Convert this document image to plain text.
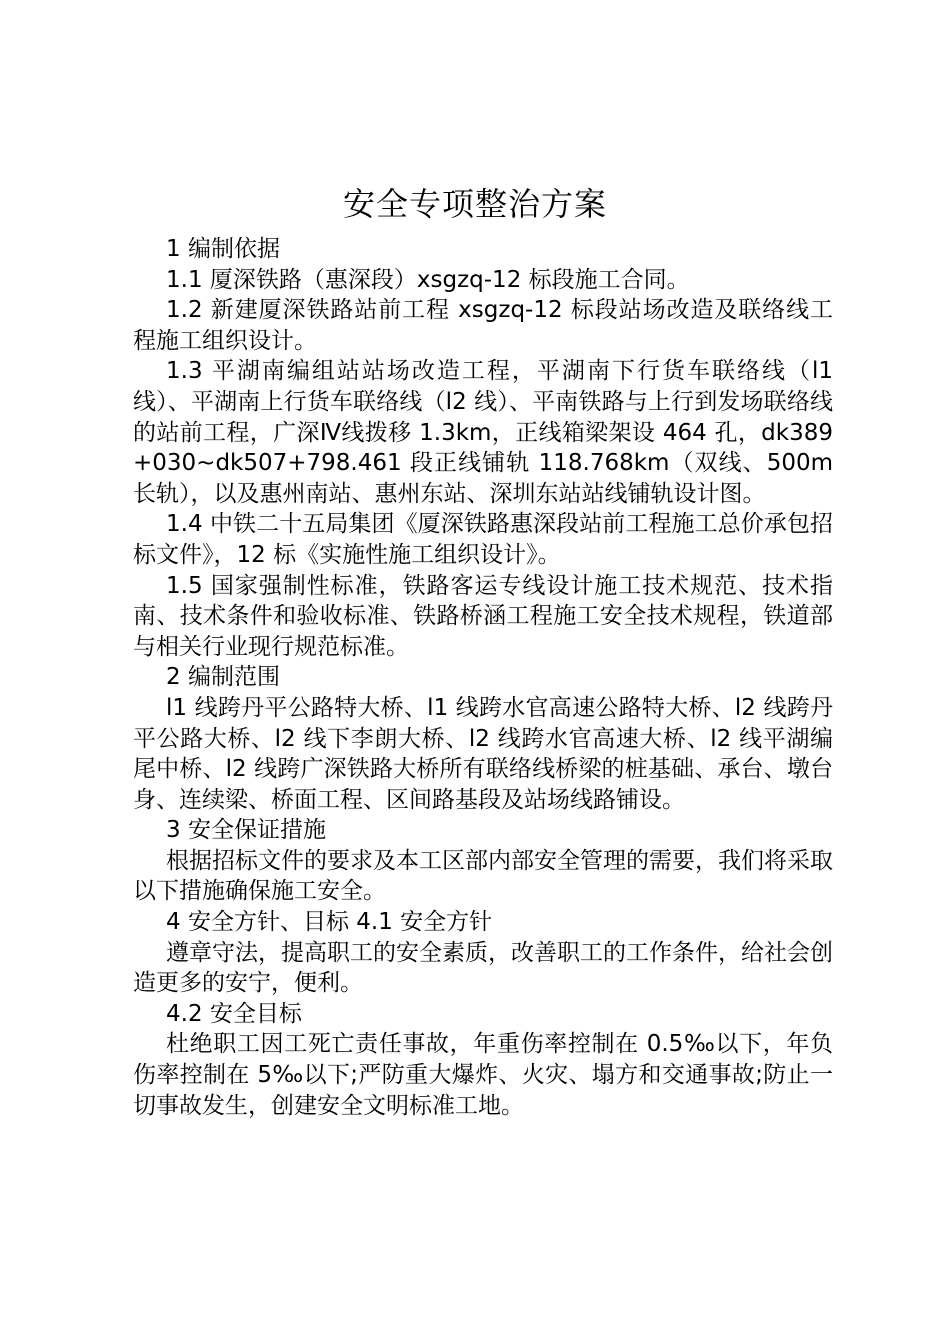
安全专项整治方案

1 编制依据

1.1 厦深铁路（惠深段）xsgzq-12 标段施工合同。

1.2 新建厦深铁路站前工程 xsgzq-12 标段站场改造及联络线工程施工组织设计。

1.3 平湖南编组站站场改造工程，平湖南下行货车联络线（l1 线）、平湖南上行货车联络线（l2 线）、平南铁路与上行到发场联络线的站前工程，广深Ⅳ线拨移 1.3km，正线箱梁架设 464 孔，dk389+030~dk507+798.461 段正线铺轨 118.768km（双线、500m 长轨），以及惠州南站、惠州东站、深圳东站站线铺轨设计图。

1.4 中铁二十五局集团《厦深铁路惠深段站前工程施工总价承包招标文件》，12 标《实施性施工组织设计》。

1.5 国家强制性标准，铁路客运专线设计施工技术规范、技术指南、技术条件和验收标准、铁路桥涵工程施工安全技术规程，铁道部与相关行业现行规范标准。

2 编制范围

l1 线跨丹平公路特大桥、l1 线跨水官高速公路特大桥、l2 线跨丹平公路大桥、l2 线下李朗大桥、l2 线跨水官高速大桥、l2 线平湖编尾中桥、l2 线跨广深铁路大桥所有联络线桥梁的桩基础、承台、墩台身、连续梁、桥面工程、区间路基段及站场线路铺设。

3 安全保证措施

根据招标文件的要求及本工区部内部安全管理的需要，我们将采取以下措施确保施工安全。

4 安全方针、目标 4.1 安全方针

遵章守法，提高职工的安全素质，改善职工的工作条件，给社会创造更多的安宁，便利。

4.2 安全目标

杜绝职工因工死亡责任事故，年重伤率控制在 0.5‰以下，年负伤率控制在 5‰以下;严防重大爆炸、火灾、塌方和交通事故;防止一切事故发生，创建安全文明标准工地。
